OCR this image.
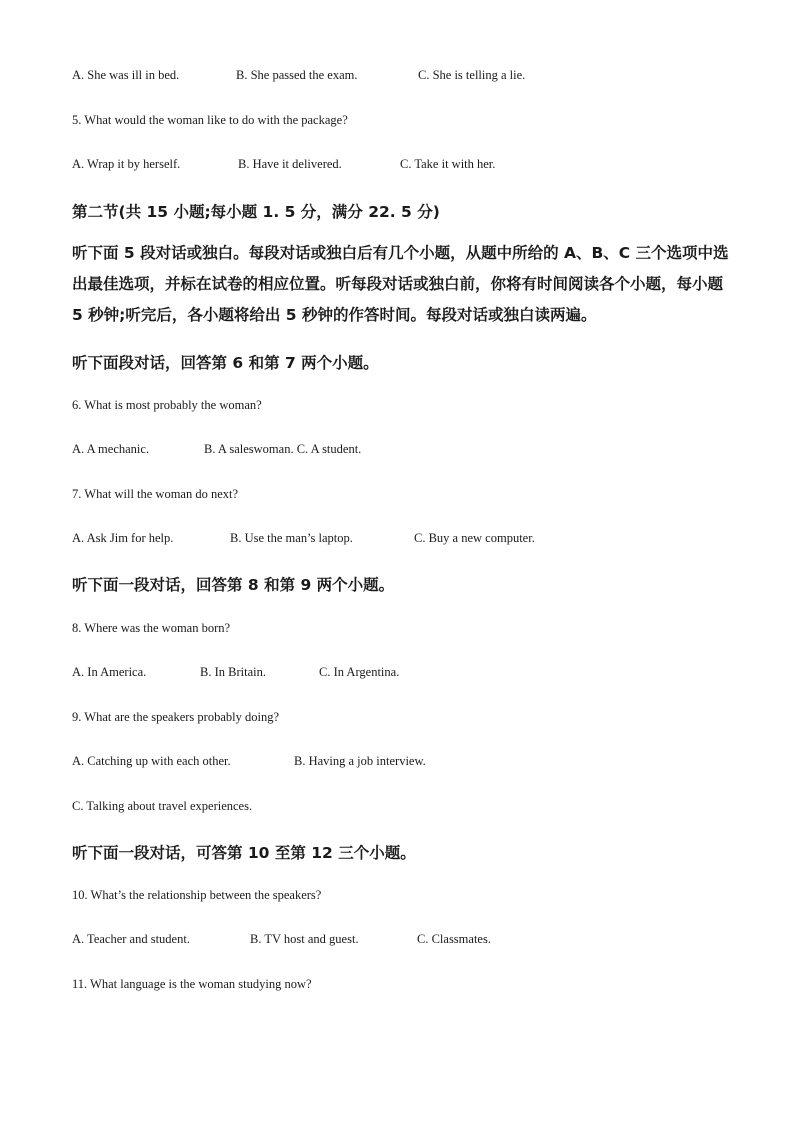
A. She was ill in bed.	B. She passed the exam.	C. She is telling a lie.
5. What would the woman like to do with the package?
A. Wrap it by herself.	B. Have it delivered.	C. Take it with her.
第二节(共 15 小题;每小题 1. 5 分，满分 22. 5 分)
听下面 5 段对话或独白。每段对话或独白后有几个小题，从题中所给的 A、B、C 三个选项中选出最佳选项，并标在试卷的相应位置。听每段对话或独白前，你将有时间阅读各个小题，每小题 5 秒钟;听完后，各小题将给出 5 秒钟的作答时间。每段对话或独白读两遍。
听下面段对话，回答第 6 和第 7 两个小题。
6. What is most probably the woman?
A. A mechanic.	B. A saleswoman. C. A student.
7. What will the woman do next?
A. Ask Jim for help.	B. Use the man’s laptop.	C. Buy a new computer.
听下面一段对话，回答第 8 和第 9 两个小题。
8. Where was the woman born?
A. In America.	B. In Britain.	C. In Argentina.
9. What are the speakers probably doing?
A. Catching up with each other.	B. Having a job interview.
C. Talking about travel experiences.
听下面一段对话，可答第 10 至第 12 三个小题。
10. What’s the relationship between the speakers?
A. Teacher and student.	B. TV host and guest.	C. Classmates.
11. What language is the woman studying now?
